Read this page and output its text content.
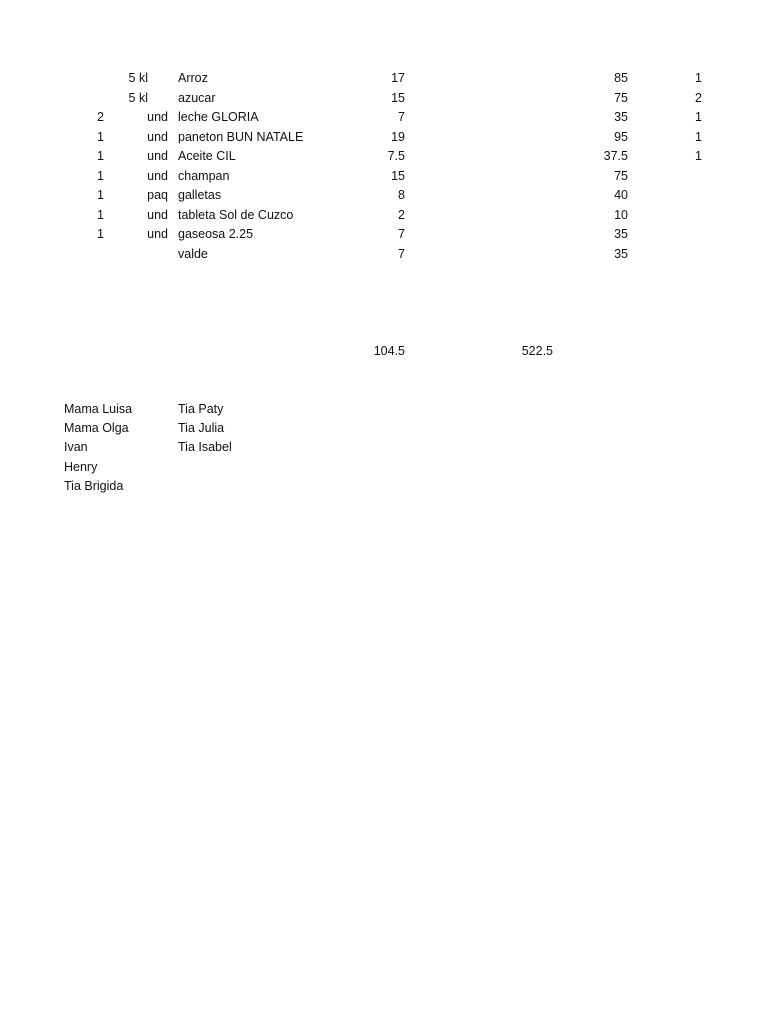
5 kl Arroz	17	85	1
5 kl azucar	15	75	2
2	und leche GLORIA	7	35	1
1	und paneton BUN NATALE	19	95	1
1	und Aceite CIL	7.5	37.5	1
1	und champan	15	75
1	paq galletas	8	40
1	und tableta Sol de Cuzco	2	10
1	und gaseosa 2.25	7	35
valde	7	35
104.5	522.5
Mama Luisa	Tia Paty
Mama Olga	Tia Julia
Ivan	Tia Isabel
Henry
Tia Brigida
